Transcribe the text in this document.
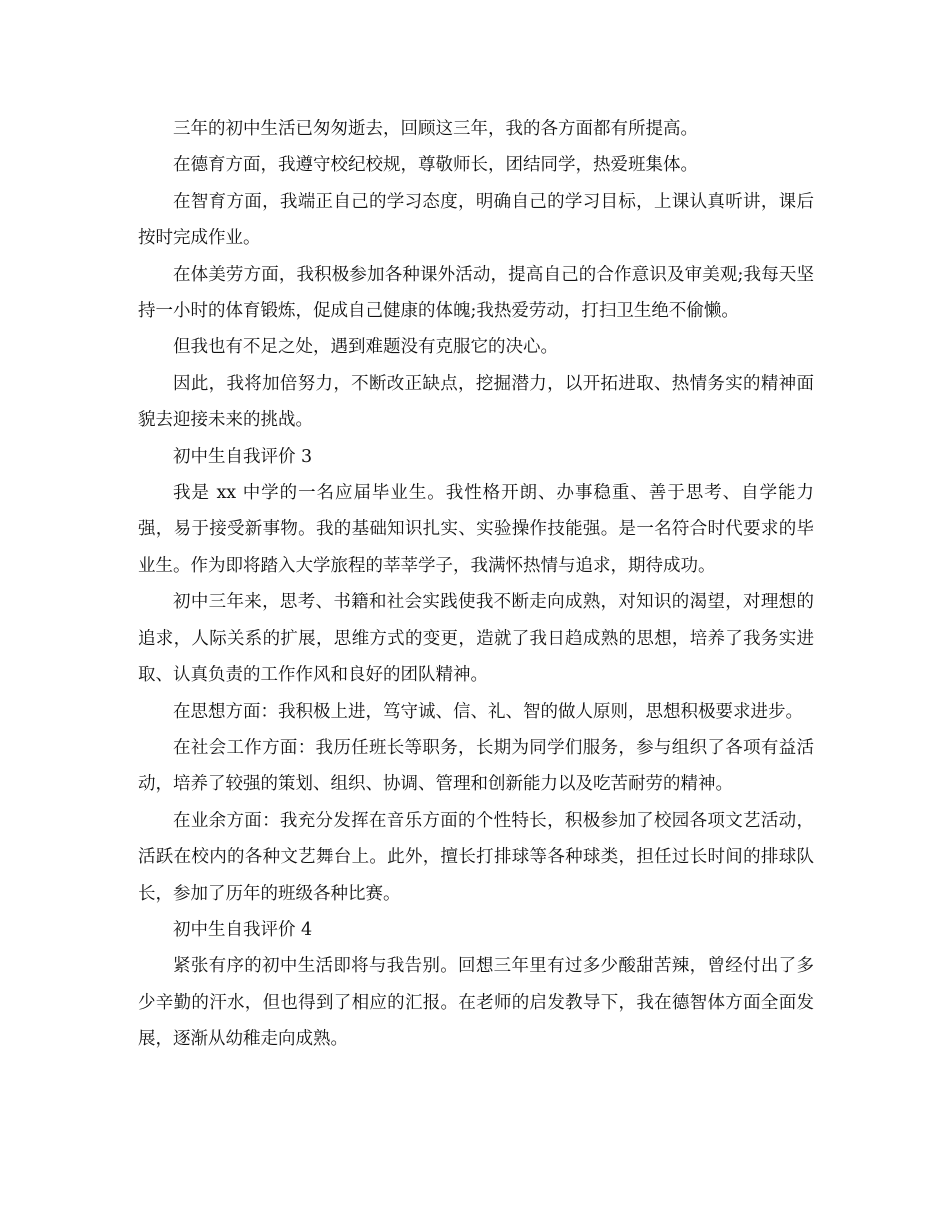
三年的初中生活已匆匆逝去，回顾这三年，我的各方面都有所提高。

在德育方面，我遵守校纪校规，尊敬师长，团结同学，热爱班集体。

在智育方面，我端正自己的学习态度，明确自己的学习目标，上课认真听讲，课后按时完成作业。

在体美劳方面，我积极参加各种课外活动，提高自己的合作意识及审美观;我每天坚持一小时的体育锻炼，促成自己健康的体魄;我热爱劳动，打扫卫生绝不偷懒。

但我也有不足之处，遇到难题没有克服它的决心。

因此，我将加倍努力，不断改正缺点，挖掘潜力，以开拓进取、热情务实的精神面貌去迎接未来的挑战。

初中生自我评价 3

我是 xx 中学的一名应届毕业生。我性格开朗、办事稳重、善于思考、自学能力强，易于接受新事物。我的基础知识扎实、实验操作技能强。是一名符合时代要求的毕业生。作为即将踏入大学旅程的莘莘学子，我满怀热情与追求，期待成功。

初中三年来，思考、书籍和社会实践使我不断走向成熟，对知识的渴望，对理想的追求，人际关系的扩展，思维方式的变更，造就了我日趋成熟的思想，培养了我务实进取、认真负责的工作作风和良好的团队精神。

在思想方面：我积极上进，笃守诚、信、礼、智的做人原则，思想积极要求进步。

在社会工作方面：我历任班长等职务，长期为同学们服务，参与组织了各项有益活动，培养了较强的策划、组织、协调、管理和创新能力以及吃苦耐劳的精神。

在业余方面：我充分发挥在音乐方面的个性特长，积极参加了校园各项文艺活动，活跃在校内的各种文艺舞台上。此外，擅长打排球等各种球类，担任过长时间的排球队长，参加了历年的班级各种比赛。

初中生自我评价 4

紧张有序的初中生活即将与我告别。回想三年里有过多少酸甜苦辣，曾经付出了多少辛勤的汗水，但也得到了相应的汇报。在老师的启发教导下，我在德智体方面全面发展，逐渐从幼稚走向成熟。
